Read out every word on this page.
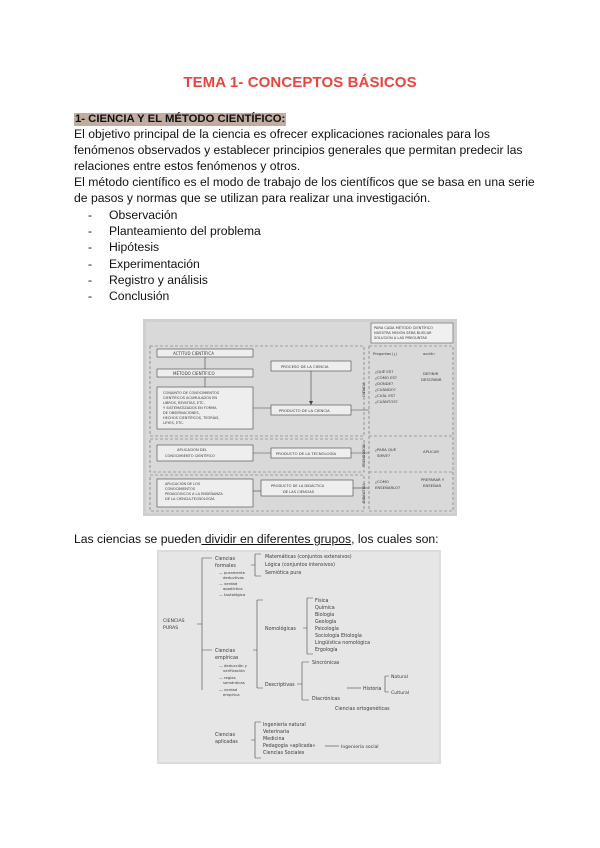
TEMA 1- CONCEPTOS BÁSICOS
1- CIENCIA Y EL MÉTODO CIENTÍFICO:

El objetivo principal de la ciencia es ofrecer explicaciones racionales para los fenómenos observados y establecer principios generales que permitan predecir las relaciones entre estos fenómenos y otros.

El método científico es el modo de trabajo de los científicos que se basa en una serie de pasos y normas que se utilizan para realizar una investigación.

- Observación
- Planteamiento del problema
- Hipótesis
- Experimentación
- Registro y análisis
- Conclusión
PARA CADA MÉTODO CIENTÍFICO
NUESTRA MISIÓN SERÁ BUSCAR
SOLUCIÓN A LAS PREGUNTAS
ACTITUD CIENTÍFICA
MÉTODO CIENTÍFICO
CONJUNTO DE CONOCIMIENTOS
CIENTÍFICOS ACUMULADOS EN
LIBROS, REVISTAS, ETC.
Y SISTEMATIZADOS EN FORMA
DE OBSERVACIONES,
HECHOS CIENTÍFICOS, TEORÍAS,
LEYES, ETC.
APLICACIÓN DEL
CONOCIMIENTO CIENTÍFICO
APLICACIÓN DE LOS
CONOCIMIENTOS
PEDAGÓGICOS A LA ENSEÑANZA
DE LA CIENCIA-TECNOLOGÍA
PROCESO DE LA CIENCIA
PRODUCTO DE LA CIENCIA
PRODUCTO DE LA TECNOLOGÍA
PRODUCTO DE LA DIDÁCTICA
DE LAS CIENCIAS
CIENCIA
TECNOLOGÍA
DIDÁCTICA
Preguntas (¿)	acción
¿QUÉ ES?
¿CÓMO ES?
¿DÓNDE?
¿CUÁNDO?
¿CUÁL ES?
¿CUÁNTOS?
DEFINIR
DESCRIBIR
¿PARA QUÉ
SIRVE?
APLICAR
¿CÓMO
ENSEÑARLO?
PREPARAR Y
ENSEÑAR
Las ciencias se pueden dividir en diferentes grupos, los cuales son:
CIENCIAS
PURAS
Ciencias
formales
— puramente
deductivas
— verdad
apodíctica
— tautológica
Matemáticas (conjuntos extensivos)
Lógica (conjuntos intensivos)
Semiótica pura
Ciencias
empíricas
— deducción y
verificación
— reglas
semánticas
— verdad
empírica
Nomológicas
Física
Química
Biología
Geología
Psicología
Sociología Etiología
Lingüística nomológica
Ergología
Descriptivas
Sincrónicas
Diacrónicas
Historia
Natural
Cultural
Ciencias ortogenéticas
Ciencias
aplicadas
Ingeniería natural
Veterinaria
Medicina
Pedagogía «aplicada»
Ciencias Sociales
Ingeniería social
